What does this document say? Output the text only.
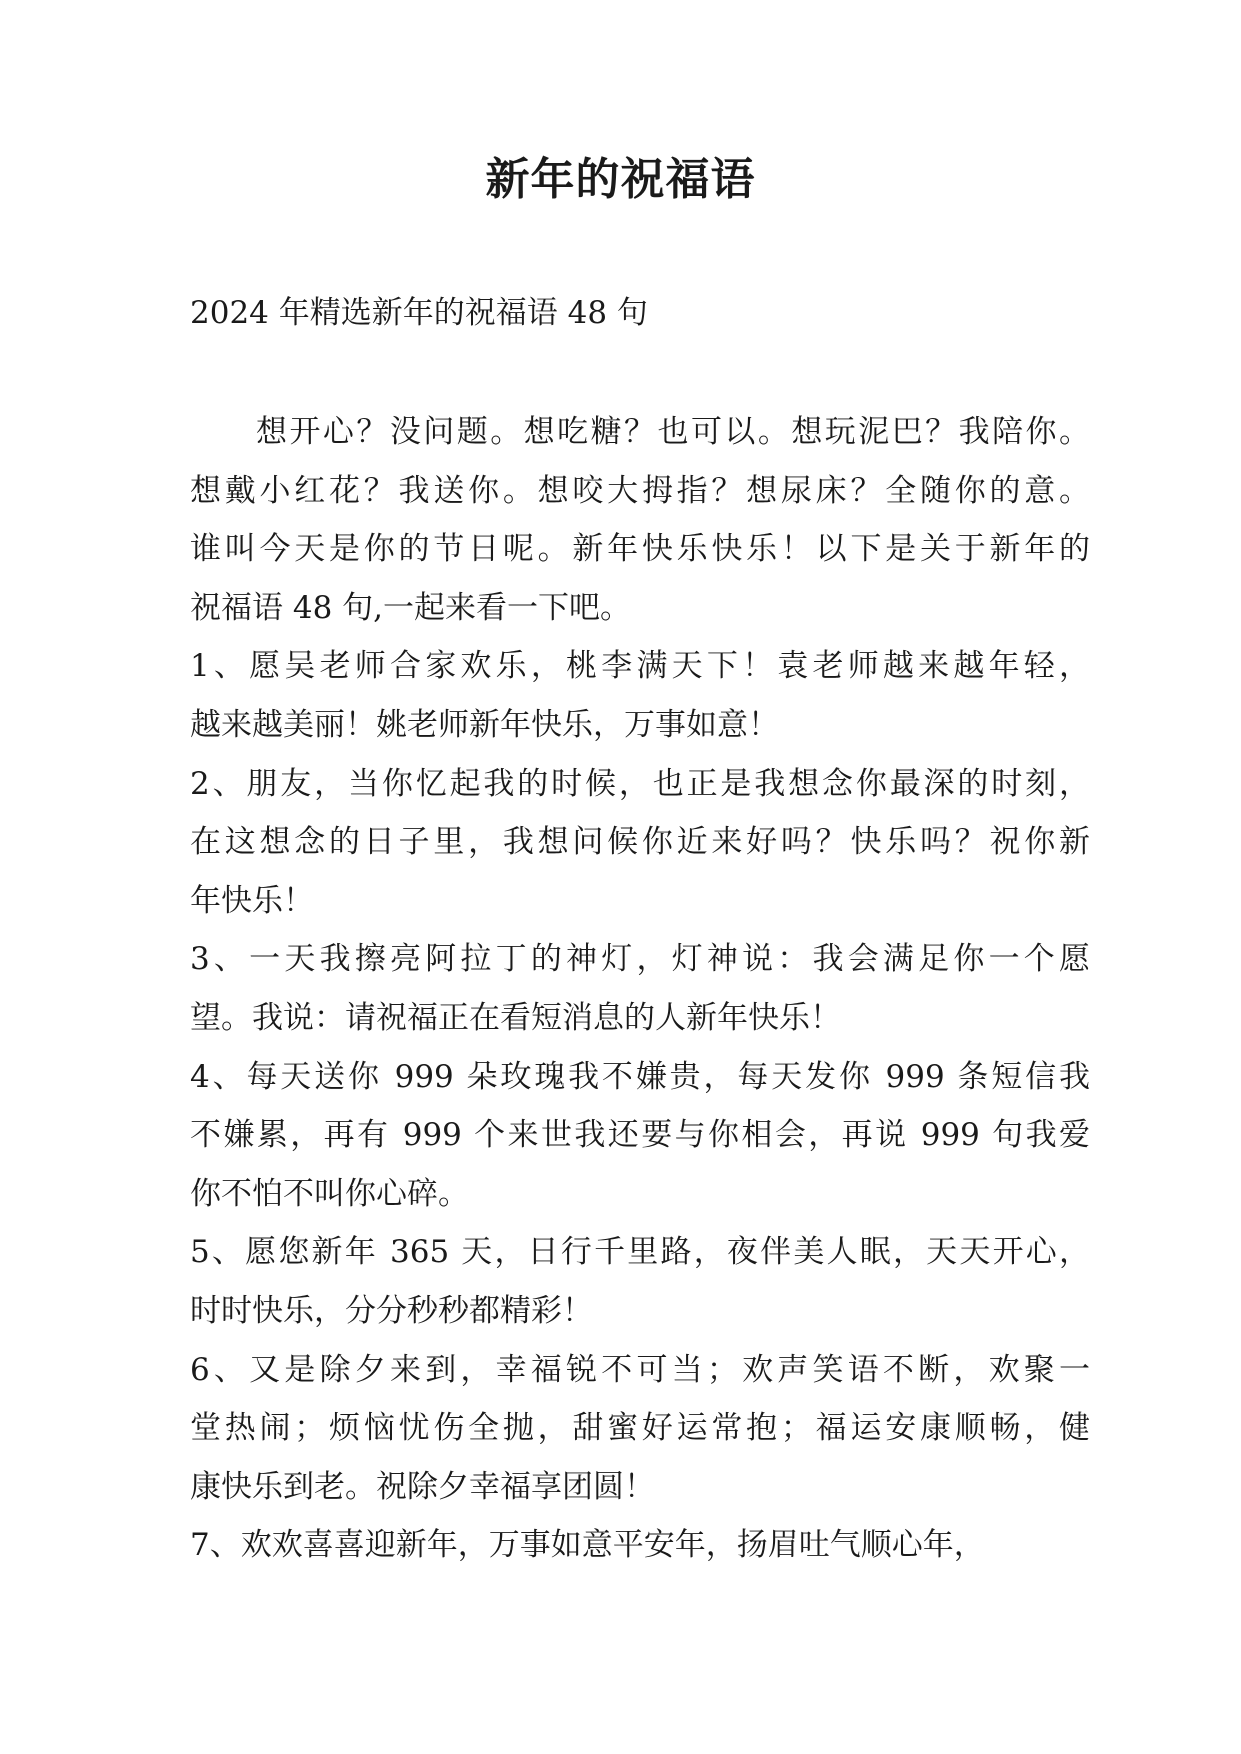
新年的祝福语
2024 年精选新年的祝福语 48 句
想开心？没问题。想吃糖？也可以。想玩泥巴？我陪你。
想戴小红花？我送你。想咬大拇指？想尿床？全随你的意。
谁叫今天是你的节日呢。新年快乐快乐！以下是关于新年的
祝福语 48 句,一起来看一下吧。
1、愿吴老师合家欢乐，桃李满天下！袁老师越来越年轻，
越来越美丽！姚老师新年快乐，万事如意！
2、朋友，当你忆起我的时候，也正是我想念你最深的时刻，
在这想念的日子里，我想问候你近来好吗？快乐吗？祝你新
年快乐！
3、一天我擦亮阿拉丁的神灯，灯神说：我会满足你一个愿
望。我说：请祝福正在看短消息的人新年快乐！
4、每天送你 999 朵玫瑰我不嫌贵，每天发你 999 条短信我
不嫌累，再有 999 个来世我还要与你相会，再说 999 句我爱
你不怕不叫你心碎。
5、愿您新年 365 天，日行千里路，夜伴美人眠，天天开心，
时时快乐，分分秒秒都精彩！
6、又是除夕来到，幸福锐不可当；欢声笑语不断，欢聚一
堂热闹；烦恼忧伤全抛，甜蜜好运常抱；福运安康顺畅，健
康快乐到老。祝除夕幸福享团圆！
7、欢欢喜喜迎新年，万事如意平安年，扬眉吐气顺心年，
